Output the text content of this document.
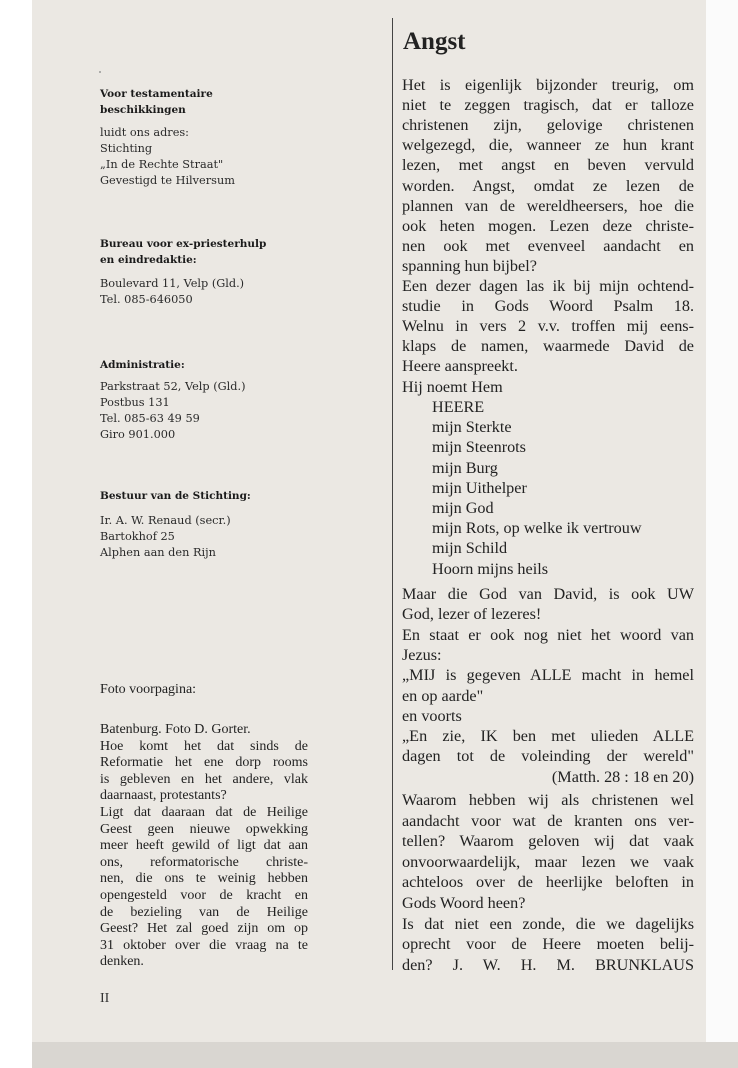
Angst
II
Foto voorpagina:
Voor testamentaire
beschikkingen
luidt ons adres:
Stichting
„In de Rechte Straat"
Gevestigd te Hilversum
Bureau voor ex-priesterhulp
en eindredaktie:
Boulevard 11, Velp (Gld.)
Tel. 085-646050
Administratie:
Parkstraat 52, Velp (Gld.)
Postbus 131
Tel. 085-63 49 59
Giro 901.000
Bestuur van de Stichting:
Ir. A. W. Renaud (secr.)
Bartokhof 25
Alphen aan den Rijn
Batenburg. Foto D. Gorter.
Hoe komt het dat sinds de
Reformatie het ene dorp rooms
is gebleven en het andere, vlak
daarnaast, protestants?
Ligt dat daaraan dat de Heilige
Geest geen nieuwe opwekking
meer heeft gewild of ligt dat aan
ons, reformatorische christe-
nen, die ons te weinig hebben
opengesteld voor de kracht en
de bezieling van de Heilige
Geest? Het zal goed zijn om op
31 oktober over die vraag na te
denken.
Het is eigenlijk bijzonder treurig, om
niet te zeggen tragisch, dat er talloze
christenen zijn, gelovige christenen
welgezegd, die, wanneer ze hun krant
lezen, met angst en beven vervuld
worden. Angst, omdat ze lezen de
plannen van de wereldheersers, hoe die
ook heten mogen. Lezen deze christe-
nen ook met evenveel aandacht en
spanning hun bijbel?
Een dezer dagen las ik bij mijn ochtend-
studie in Gods Woord Psalm 18.
Welnu in vers 2 v.v. troffen mij eens-
klaps de namen, waarmede David de
Heere aanspreekt.
Hij noemt Hem
HEERE
mijn Sterkte
mijn Steenrots
mijn Burg
mijn Uithelper
mijn God
mijn Rots, op welke ik vertrouw
mijn Schild
Hoorn mijns heils
Maar die God van David, is ook UW
God, lezer of lezeres!
En staat er ook nog niet het woord van
Jezus:
„MIJ is gegeven ALLE macht in hemel
en op aarde"
en voorts
„En zie, IK ben met ulieden ALLE
dagen tot de voleinding der wereld"
(Matth. 28 : 18 en 20)
Waarom hebben wij als christenen wel
aandacht voor wat de kranten ons ver-
tellen? Waarom geloven wij dat vaak
onvoorwaardelijk, maar lezen we vaak
achteloos over de heerlijke beloften in
Gods Woord heen?
Is dat niet een zonde, die we dagelijks
oprecht voor de Heere moeten belij-
den? J. W. H. M. BRUNKLAUS
